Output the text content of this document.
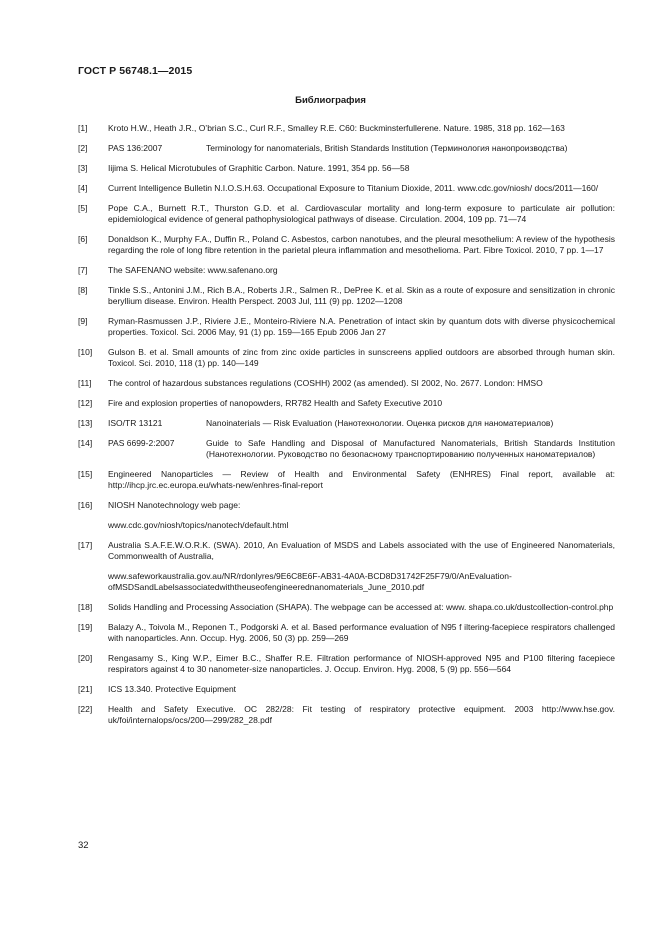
ГОСТ Р 56748.1—2015
Библиография
[1]	Kroto H.W., Heath J.R., O’brian S.C., Curl R.F., Smalley R.E. C60: Buckminsterfullerene. Nature. 1985, 318 pp. 162—163

[2]	PAS 136:2007	Terminology for nanomaterials, British Standards Institution (Терминология нанопроизводства)
[3]	Iijima S. Helical Microtubules of Graphitic Carbon. Nature. 1991, 354 pp. 56—58

[4]	Current Intelligence Bulletin N.I.O.S.H.63. Occupational Exposure to Titanium Dioxide, 2011. www.cdc.gov/niosh/ docs/2011—160/

[5]	Pope C.A., Burnett R.T., Thurston G.D. et al. Cardiovascular mortality and long-term exposure to particulate air pollution: epidemiological evidence of general pathophysiological pathways of disease. Circulation. 2004, 109 pp. 71—74

[6]	Donaldson K., Murphy F.A., Duffin R., Poland C. Asbestos, carbon nanotubes, and the pleural mesothelium: A review of the hypothesis regarding the role of long fibre retention in the parietal pleura inflammation and mesothelioma. Part. Fibre Toxicol. 2010, 7 pp. 1—17

[7]	The SAFENANO website: www.safenano.org

[8]	Tinkle S.S., Antonini J.M., Rich B.A., Roberts J.R., Salmen R., DePree K. et al. Skin as a route of exposure and sensitization in chronic beryllium disease. Environ. Health Perspect. 2003 Jul, 111 (9) pp. 1202—1208

[9]	Ryman-Rasmussen J.P., Riviere J.E., Monteiro-Riviere N.A. Penetration of intact skin by quantum dots with diverse physicochemical properties. Toxicol. Sci. 2006 May, 91 (1) pp. 159—165 Epub 2006 Jan 27

[10]	Gulson B. et al. Small amounts of zinc from zinc oxide particles in sunscreens applied outdoors are absorbed through human skin. Toxicol. Sci. 2010, 118 (1) pp. 140—149

[11]	The control of hazardous substances regulations (COSHH) 2002 (as amended). SI 2002, No. 2677. London: HMSO

[12]	Fire and explosion properties of nanopowders, RR782 Health and Safety Executive 2010

[13]	ISO/TR 13121	Nanoinaterials — Risk Evaluation (Нанотехнологии. Оценка рисков для наноматериалов)
[14]	PAS 6699-2:2007	Guide to Safe Handling and Disposal of Manufactured Nanomaterials, British Standards Institution (Нанотехнологии. Руководство по безопасному транспортированию полученных наноматериалов)
[15]	Engineered Nanoparticles — Review of Health and Environmental Safety (ENHRES) Final report, available at: http://ihcp.jrc.ec.europa.eu/whats-new/enhres-final-report

[16]	NIOSH Nanotechnology web page:

www.cdc.gov/niosh/topics/nanotech/default.html

[17]	Australia S.A.F.E.W.O.R.K. (SWA). 2010, An Evaluation of MSDS and Labels associated with the use of Engineered Nanomaterials, Commonwealth of Australia,

www.safeworkaustralia.gov.au/NR/rdonlyres/9E6C8E6F-AB31-4A0A-BCD8D31742F25F79/0/AnEvaluationofMSDSandLabelsassociatedwiththeuseofengineerednanomaterials_June_2010.pdf

[18]	Solids Handling and Processing Association (SHAPA). The webpage can be accessed at: www. shapa.co.uk/dustcollection-control.php

[19]	Balazy A., Toivola M., Reponen T., Podgorski A. et al. Based performance evaluation of N95 f iltering-facepiece respirators challenged with nanoparticles. Ann. Occup. Hyg. 2006, 50 (3) pp. 259—269

[20]	Rengasamy S., King W.P., Eimer B.C., Shaffer R.E. Filtration performance of NIOSH-approved N95 and P100 filtering facepiece respirators against 4 to 30 nanometer-size nanoparticles. J. Occup. Environ. Hyg. 2008, 5 (9) pp. 556—564

[21]	ICS 13.340. Protective Equipment

[22]	Health and Safety Executive. OC 282/28: Fit testing of respiratory protective equipment. 2003 http://www.hse.gov. uk/foi/internalops/ocs/200—299/282_28.pdf

32
